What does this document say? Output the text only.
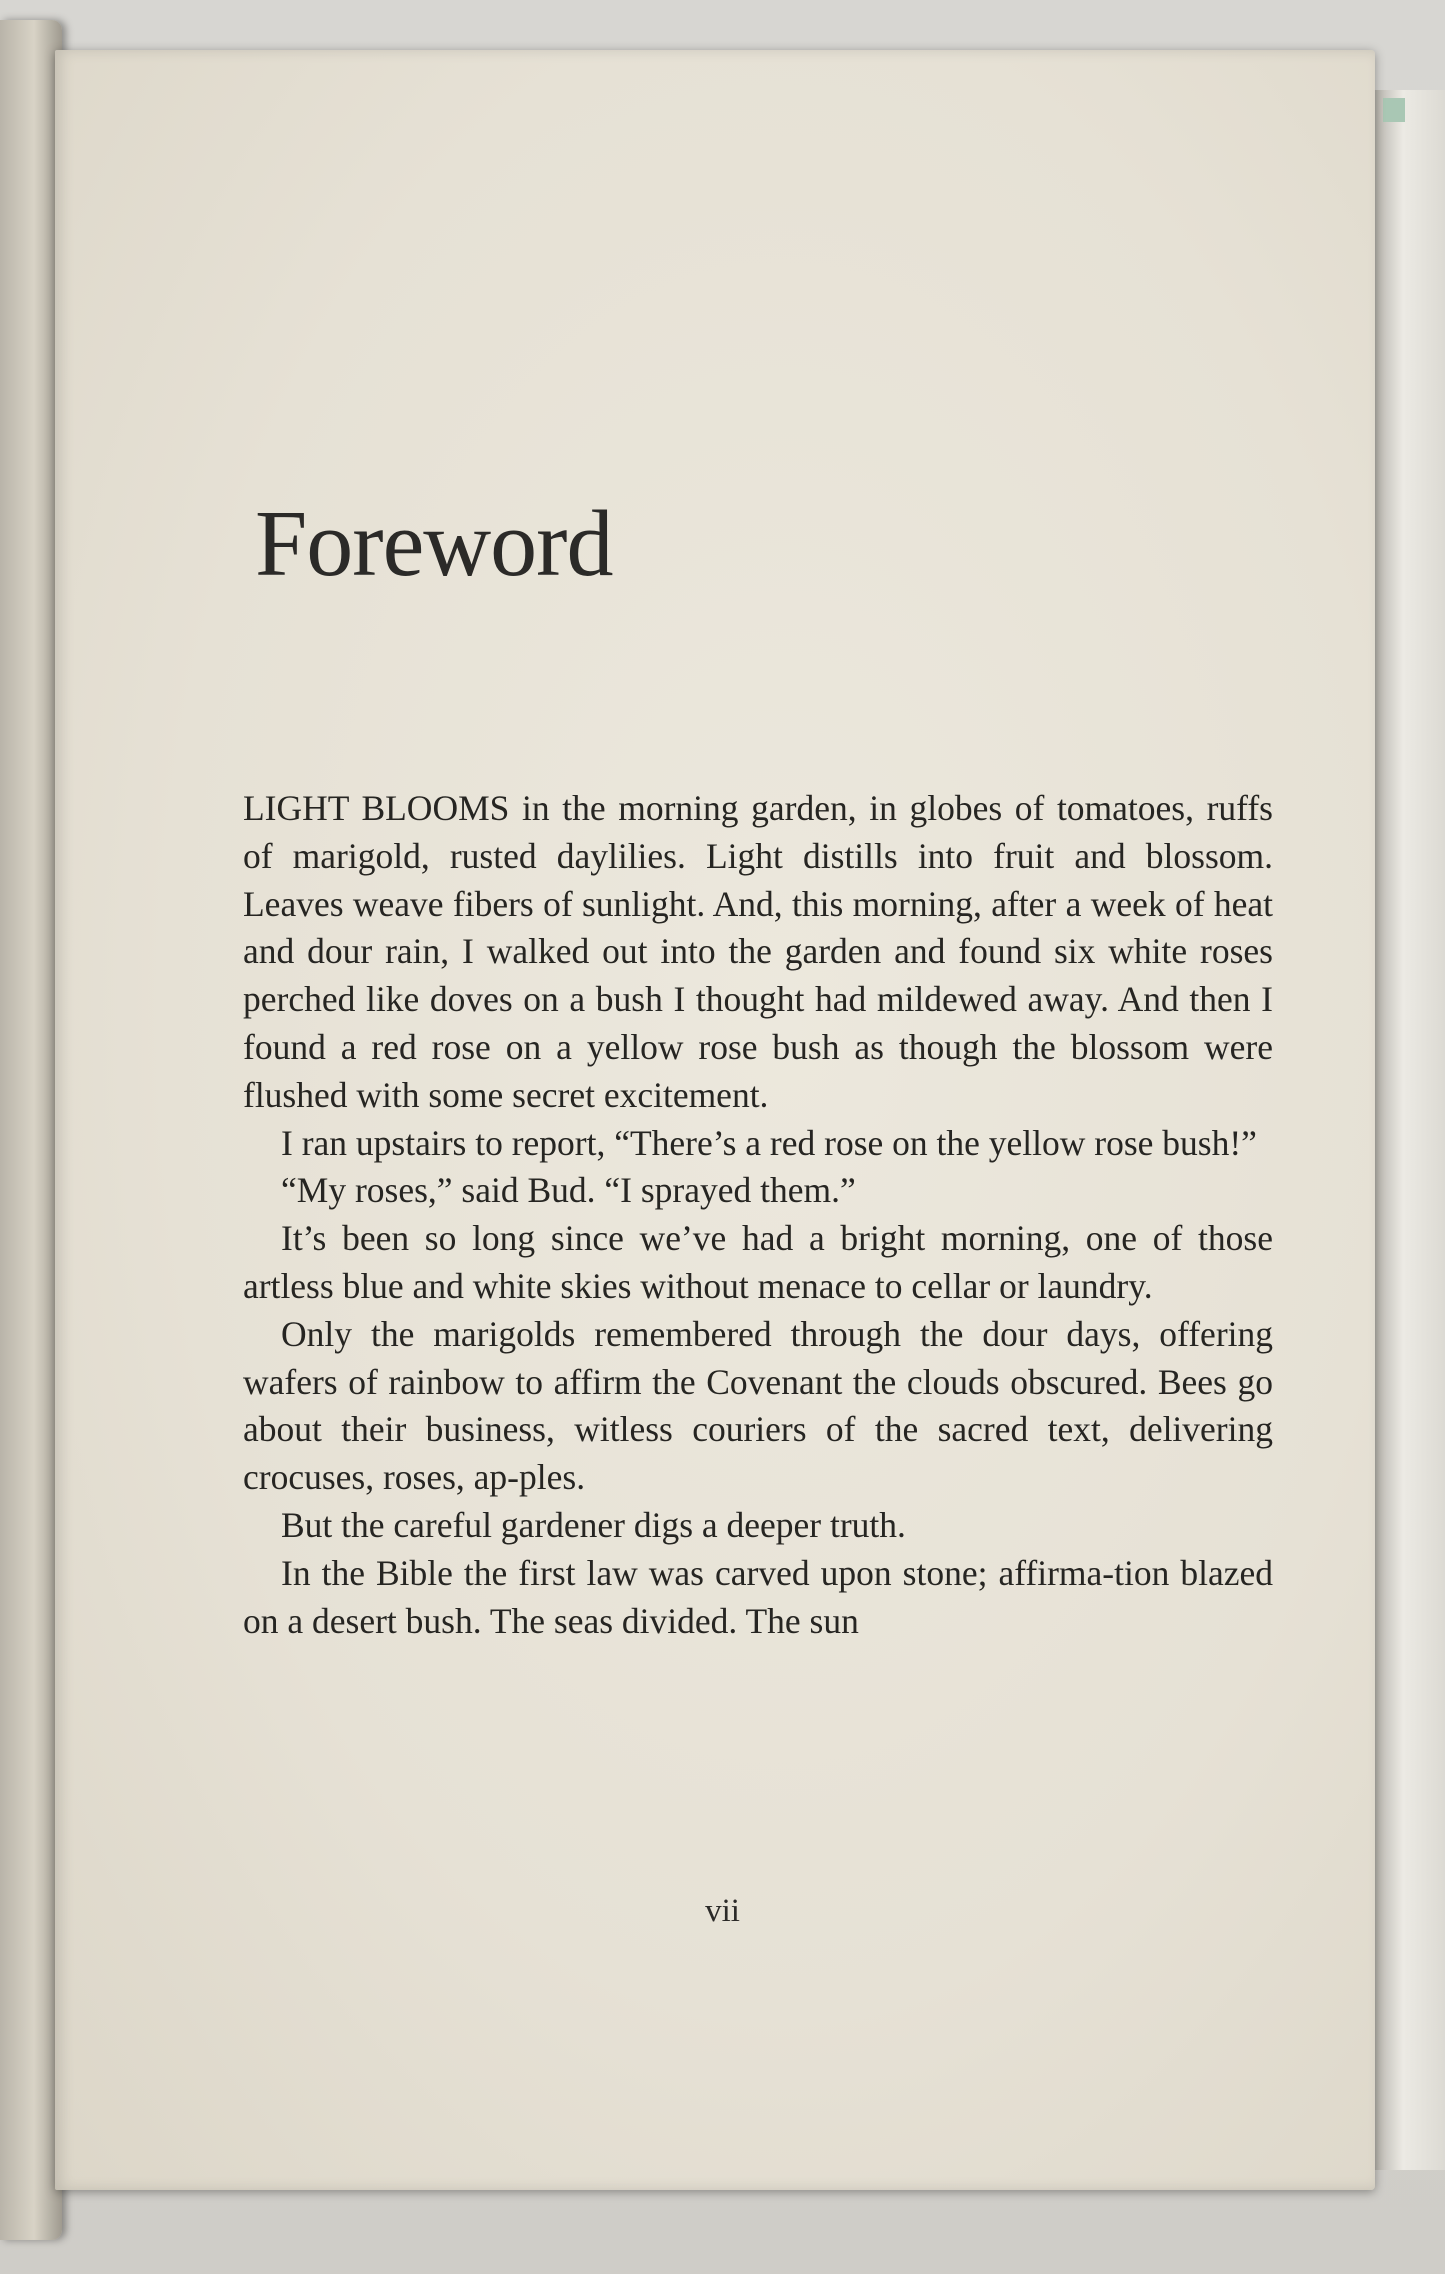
Foreword

LIGHT BLOOMS in the morning garden, in globes of tomatoes, ruffs of marigold, rusted daylilies. Light distills into fruit and blossom. Leaves weave fibers of sunlight. And, this morning, after a week of heat and dour rain, I walked out into the garden and found six white roses perched like doves on a bush I thought had mildewed away. And then I found a red rose on a yellow rose bush as though the blossom were flushed with some secret excitement.

I ran upstairs to report, “There’s a red rose on the yellow rose bush!”

“My roses,” said Bud. “I sprayed them.”

It’s been so long since we’ve had a bright morning, one of those artless blue and white skies without menace to cellar or laundry.

Only the marigolds remembered through the dour days, offering wafers of rainbow to affirm the Covenant the clouds obscured. Bees go about their business, witless couriers of the sacred text, delivering crocuses, roses, ap-ples.

But the careful gardener digs a deeper truth.

In the Bible the first law was carved upon stone; affirma-tion blazed on a desert bush. The seas divided. The sun

vii
